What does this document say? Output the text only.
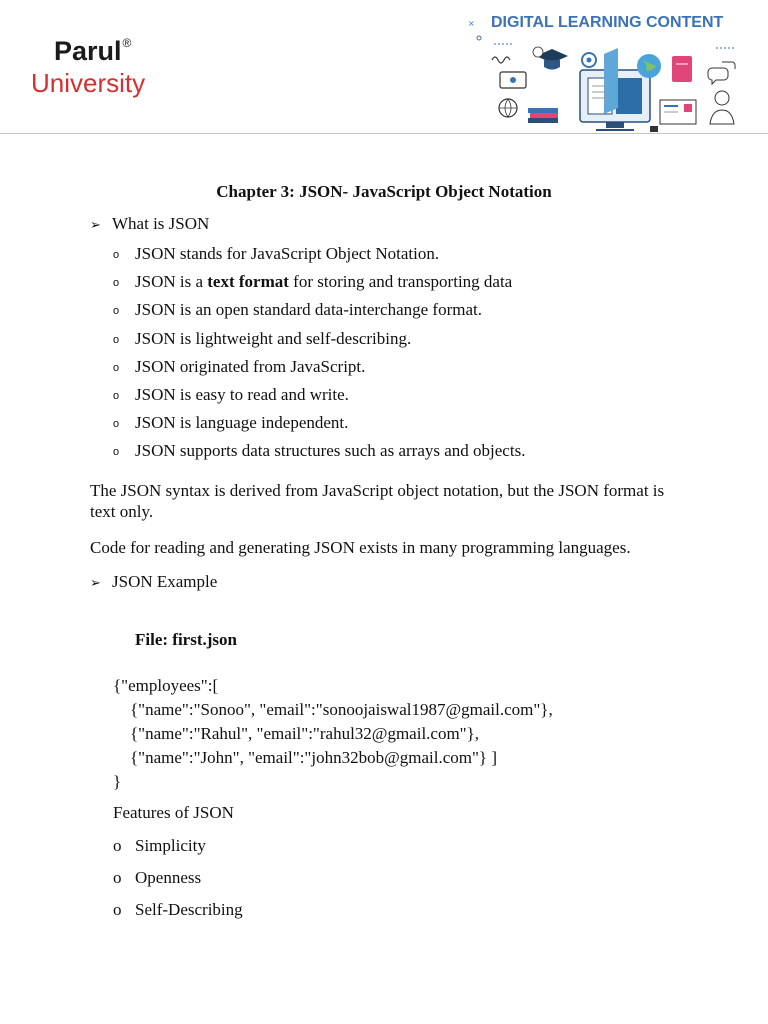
Parul®
University
DIGITAL LEARNING CONTENT
×
Chapter 3: JSON- JavaScript Object Notation
➢ What is JSON
o JSON stands for JavaScript Object Notation.
o JSON is a text format for storing and transporting data
o JSON is an open standard data-interchange format.
o JSON is lightweight and self-describing.
o JSON originated from JavaScript.
o JSON is easy to read and write.
o JSON is language independent.
o JSON supports data structures such as arrays and objects.
The JSON syntax is derived from JavaScript object notation, but the JSON format is text only.
Code for reading and generating JSON exists in many programming languages.
➢ JSON Example
File: first.json
{"employees":[
{"name":"Sonoo", "email":"sonoojaiswal1987@gmail.com"},
{"name":"Rahul", "email":"rahul32@gmail.com"},
{"name":"John", "email":"john32bob@gmail.com"} ]
}
Features of JSON
o Simplicity
o Openness
o Self-Describing
